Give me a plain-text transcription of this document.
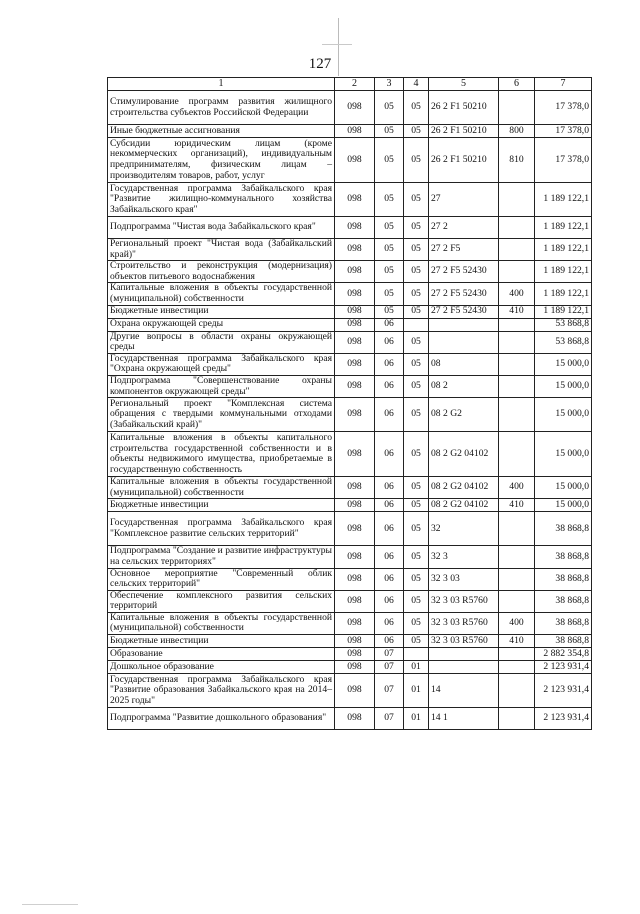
127
1	2	3	4	5	6	7
Стимулирование программ развития жилищного строительства субъектов Российской Федерации	098	05	05	26 2 F1 50210		17 378,0
Иные бюджетные ассигнования	098	05	05	26 2 F1 50210	800	17 378,0
Субсидии юридическим лицам (кроме некоммерческих организаций), индивидуальным предпринимателям, физическим лицам – производителям товаров, работ, услуг	098	05	05	26 2 F1 50210	810	17 378,0
Государственная программа Забайкальского края "Развитие жилищно-коммунального хозяйства Забайкальского края"	098	05	05	27		1 189 122,1
Подпрограмма "Чистая вода Забайкальского края"	098	05	05	27 2		1 189 122,1
Региональный проект "Чистая вода (Забайкальский край)"	098	05	05	27 2 F5		1 189 122,1
Строительство и реконструкция (модернизация) объектов питьевого водоснабжения	098	05	05	27 2 F5 52430		1 189 122,1
Капитальные вложения в объекты государственной (муниципальной) собственности	098	05	05	27 2 F5 52430	400	1 189 122,1
Бюджетные инвестиции	098	05	05	27 2 F5 52430	410	1 189 122,1
Охрана окружающей среды	098	06				53 868,8
Другие вопросы в области охраны окружающей среды	098	06	05			53 868,8
Государственная программа Забайкальского края "Охрана окружающей среды"	098	06	05	08		15 000,0
Подпрограмма "Совершенствование охраны компонентов окружающей среды"	098	06	05	08 2		15 000,0
Региональный проект "Комплексная система обращения с твердыми коммунальными отходами (Забайкальский край)"	098	06	05	08 2 G2		15 000,0
Капитальные вложения в объекты капитального строительства государственной собственности и в объекты недвижимого имущества, приобретаемые в государственную собственность	098	06	05	08 2 G2 04102		15 000,0
Капитальные вложения в объекты государственной (муниципальной) собственности	098	06	05	08 2 G2 04102	400	15 000,0
Бюджетные инвестиции	098	06	05	08 2 G2 04102	410	15 000,0
Государственная программа Забайкальского края "Комплексное развитие сельских территорий"	098	06	05	32		38 868,8
Подпрограмма "Создание и развитие инфраструктуры на сельских территориях"	098	06	05	32 3		38 868,8
Основное мероприятие "Современный облик сельских территорий"	098	06	05	32 3 03		38 868,8
Обеспечение комплексного развития сельских территорий	098	06	05	32 3 03 R5760		38 868,8
Капитальные вложения в объекты государственной (муниципальной) собственности	098	06	05	32 3 03 R5760	400	38 868,8
Бюджетные инвестиции	098	06	05	32 3 03 R5760	410	38 868,8
Образование	098	07				2 882 354,8
Дошкольное образование	098	07	01			2 123 931,4
Государственная программа Забайкальского края "Развитие образования Забайкальского края на 2014–2025 годы"	098	07	01	14		2 123 931,4
Подпрограмма "Развитие дошкольного образования"	098	07	01	14 1		2 123 931,4
